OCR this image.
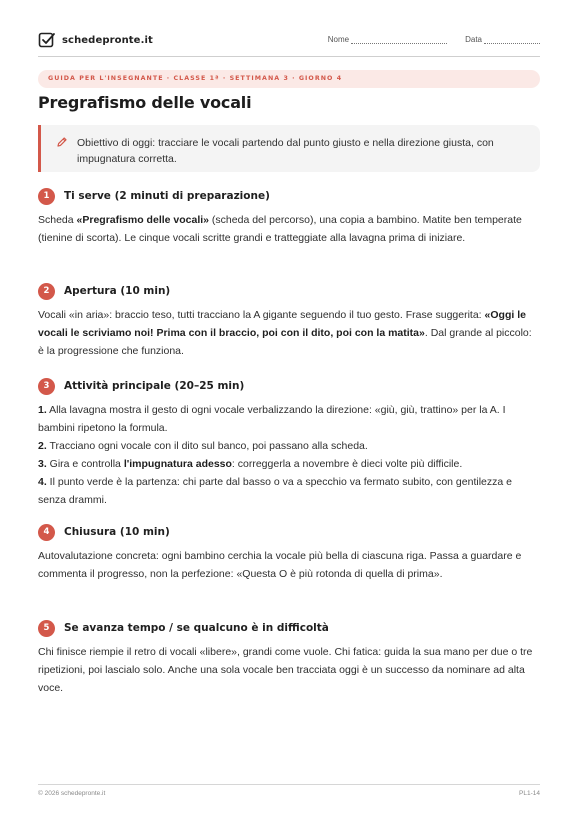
schedepronte.it	Nome	Data
GUIDA PER L'INSEGNANTE · CLASSE 1ª · SETTIMANA 3 · GIORNO 4
Pregrafismo delle vocali

Obiettivo di oggi: tracciare le vocali partendo dal punto giusto e nella direzione giusta, con impugnatura corretta.

1	Ti serve (2 minuti di preparazione)

Scheda «Pregrafismo delle vocali» (scheda del percorso), una copia a bambino. Matite ben temperate (tienine di scorta). Le cinque vocali scritte grandi e tratteggiate alla lavagna prima di iniziare.

2	Apertura (10 min)

Vocali «in aria»: braccio teso, tutti tracciano la A gigante seguendo il tuo gesto. Frase suggerita: «Oggi le vocali le scriviamo noi! Prima con il braccio, poi con il dito, poi con la matita». Dal grande al piccolo: è la progressione che funziona.

3	Attività principale (20–25 min)
1. Alla lavagna mostra il gesto di ogni vocale verbalizzando la direzione: «giù, giù, trattino» per la A. I bambini ripetono la formula.
2. Tracciano ogni vocale con il dito sul banco, poi passano alla scheda.
3. Gira e controlla l'impugnatura adesso: correggerla a novembre è dieci volte più difficile.
4. Il punto verde è la partenza: chi parte dal basso o va a specchio va fermato subito, con gentilezza e senza drammi.
4	Chiusura (10 min)

Autovalutazione concreta: ogni bambino cerchia la vocale più bella di ciascuna riga. Passa a guardare e commenta il progresso, non la perfezione: «Questa O è più rotonda di quella di prima».

5	Se avanza tempo / se qualcuno è in difficoltà

Chi finisce riempie il retro di vocali «libere», grandi come vuole. Chi fatica: guida la sua mano per due o tre ripetizioni, poi lascialo solo. Anche una sola vocale ben tracciata oggi è un successo da nominare ad alta voce.

© 2026 schedepronte.it	PL1-14
